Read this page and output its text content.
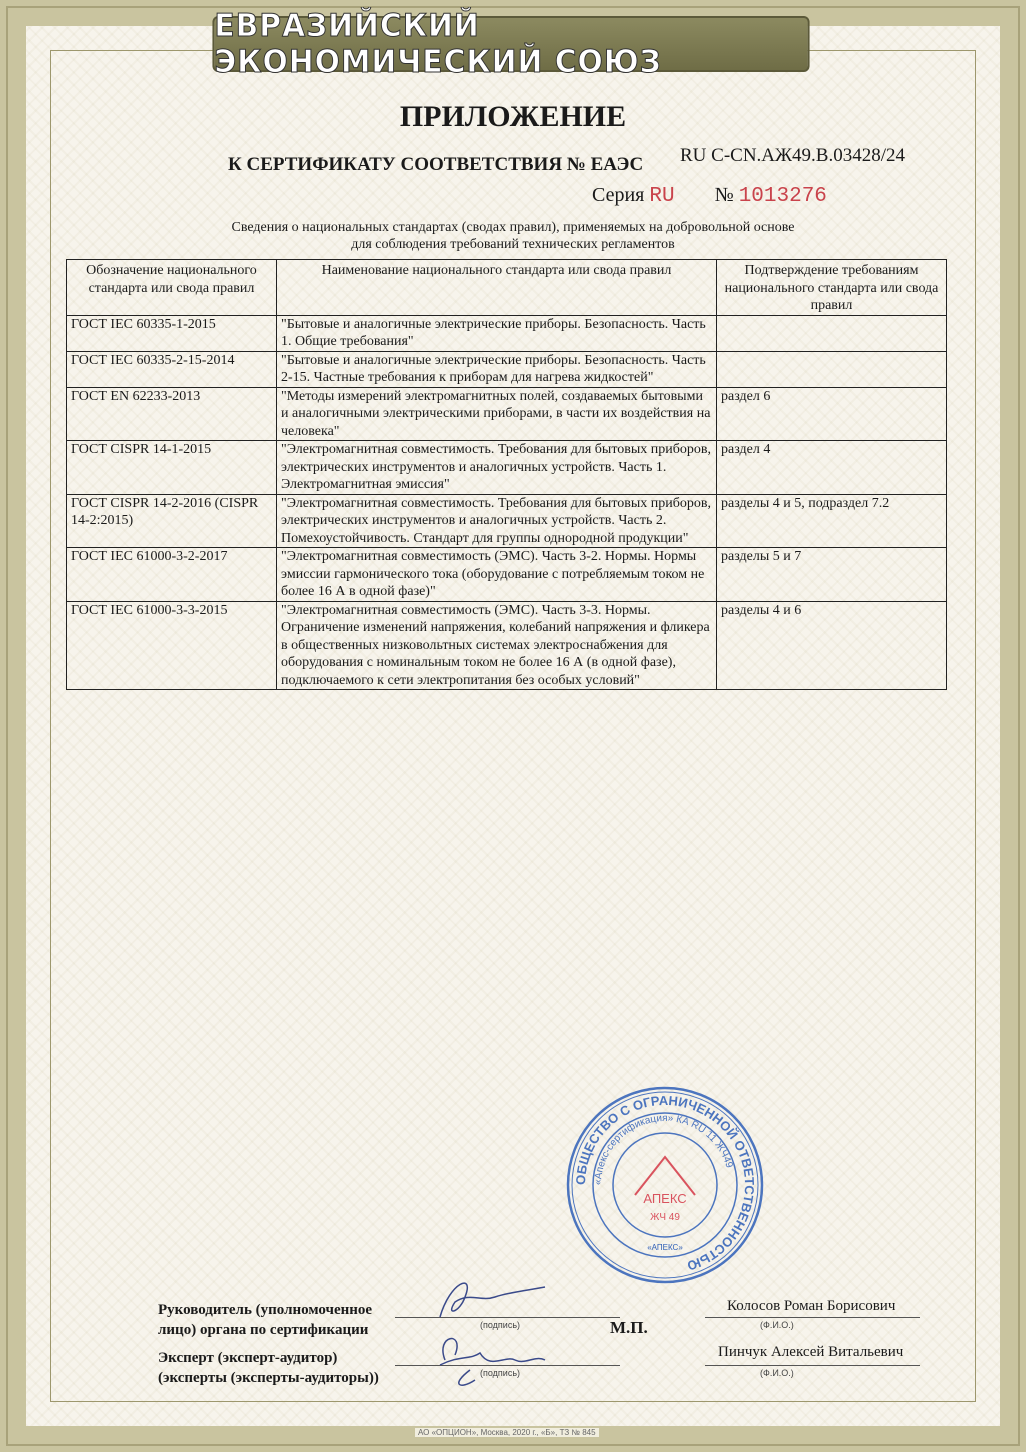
ЕВРАЗИЙСКИЙ ЭКОНОМИЧЕСКИЙ СОЮЗ
ПРИЛОЖЕНИЕ
К СЕРТИФИКАТУ СООТВЕТСТВИЯ № ЕАЭС RU C-CN.АЖ49.В.03428/24
Серия RU № 1013276
Сведения о национальных стандартах (сводах правил), применяемых на добровольной основе
для соблюдения требований технических регламентов
Обозначение национального стандарта или свода правил	Наименование национального стандарта или свода правил	Подтверждение требованиям национального стандарта или свода правил
ГОСТ IEC 60335-1-2015	"Бытовые и аналогичные электрические приборы. Безопасность. Часть 1. Общие требования"	
ГОСТ IEC 60335-2-15-2014	"Бытовые и аналогичные электрические приборы. Безопасность. Часть 2-15. Частные требования к приборам для нагрева жидкостей"	
ГОСТ EN 62233-2013	"Методы измерений электромагнитных полей, создаваемых бытовыми и аналогичными электрическими приборами, в части их воздействия на человека"	раздел 6
ГОСТ CISPR 14-1-2015	"Электромагнитная совместимость. Требования для бытовых приборов, электрических инструментов и аналогичных устройств. Часть 1. Электромагнитная эмиссия"	раздел 4
ГОСТ CISPR 14-2-2016 (CISPR 14-2:2015)	"Электромагнитная совместимость. Требования для бытовых приборов, электрических инструментов и аналогичных устройств. Часть 2. Помехоустойчивость. Стандарт для группы однородной продукции"	разделы 4 и 5, подраздел 7.2
ГОСТ IEC 61000-3-2-2017	"Электромагнитная совместимость (ЭМС). Часть 3-2. Нормы. Нормы эмиссии гармонического тока (оборудование с потребляемым током не более 16 А в одной фазе)"	разделы 5 и 7
ГОСТ IEC 61000-3-3-2015	"Электромагнитная совместимость (ЭМС). Часть 3-3. Нормы. Ограничение изменений напряжения, колебаний напряжения и фликера в общественных низковольтных системах электроснабжения для оборудования с номинальным током не более 16 А (в одной фазе), подключаемого к сети электропитания без особых условий"	разделы 4 и 6
ОБЩЕСТВО С ОГРАНИЧЕННОЙ ОТВЕТСТВЕННОСТЬЮ
«Апекс-сертификация» КА RU 11 ЖЧ49
АПЕКС
ЖЧ 49
«АПЕКС»
Руководитель (уполномоченное
лицо) органа по сертификации	(подпись)	М.П.
Колосов Роман Борисович
(Ф.И.О.)
Эксперт (эксперт-аудитор)
(эксперты (эксперты-аудиторы))	(подпись)
Пинчук Алексей Витальевич
(Ф.И.О.)
АО «ОПЦИОН», Москва, 2020 г., «Б», ТЗ № 845
